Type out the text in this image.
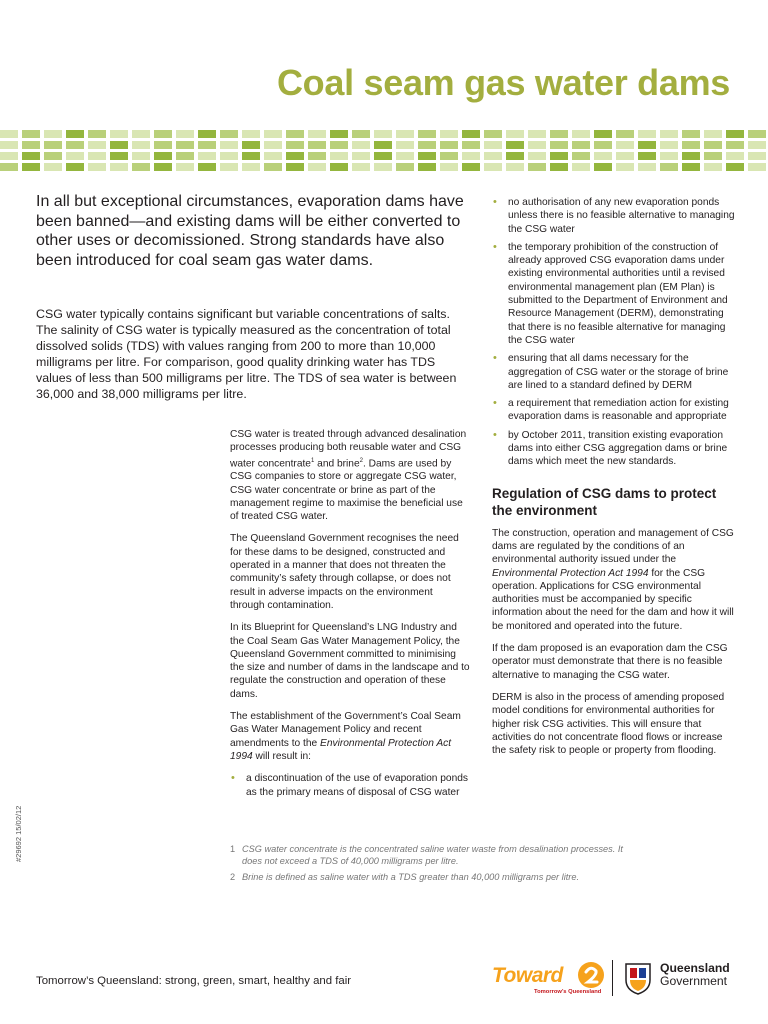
Coal seam gas water dams

In all but exceptional circumstances, evaporation dams have been banned—and existing dams will be either converted to other uses or decomissioned. Strong standards have also been introduced for coal seam gas water dams.

CSG water typically contains significant but variable concentrations of salts. The salinity of CSG water is typically measured as the concentration of total dissolved solids (TDS) with values ranging from 200 to more than 10,000 milligrams per litre. For comparison, good quality drinking water has TDS values of less than 500 milligrams per litre. The TDS of sea water is between 36,000 and 38,000 milligrams per litre.

CSG water is treated through advanced desalination processes producing both reusable water and CSG water concentrate$^1$ and brine$^2$. Dams are used by CSG companies to store or aggregate CSG water, CSG water concentrate or brine as part of the management regime to maximise the beneficial use of treated CSG water.

The Queensland Government recognises the need for these dams to be designed, constructed and operated in a manner that does not threaten the community’s safety through collapse, or does not result in adverse impacts on the environment through contamination.

In its Blueprint for Queensland’s LNG Industry and the Coal Seam Gas Water Management Policy, the Queensland Government committed to minimising the size and number of dams in the landscape and to regulate the construction and operation of these dams.

The establishment of the Government’s Coal Seam Gas Water Management Policy and recent amendments to the Environmental Protection Act 1994 will result in:

• a discontinuation of the use of evaporation ponds as the primary means of disposal of CSG water
• no authorisation of any new evaporation ponds unless there is no feasible alternative to managing the CSG water
• the temporary prohibition of the construction of already approved CSG evaporation dams under existing environmental authorities until a revised environmental management plan (EM Plan) is submitted to the Department of Environment and Resource Management (DERM), demonstrating that there is no feasible alternative for managing the CSG water
• ensuring that all dams necessary for the aggregation of CSG water or the storage of brine are lined to a standard defined by DERM
• a requirement that remediation action for existing evaporation dams is reasonable and appropriate
• by October 2011, transition existing evaporation dams into either CSG aggregation dams or brine dams which meet the new standards.
Regulation of CSG dams to protect the environment

The construction, operation and management of CSG dams are regulated by the conditions of an environmental authority issued under the Environmental Protection Act 1994 for the CSG operation. Applications for CSG environmental authorities must be accompanied by specific information about the need for the dam and how it will be monitored and operated into the future.

If the dam proposed is an evaporation dam the CSG operator must demonstrate that there is no feasible alternative to managing the CSG water.

DERM is also in the process of amending proposed model conditions for environmental authorities for higher risk CSG activities. This will ensure that activities do not concentrate flood flows or increase the safety risk to people or property from flooding.

1 CSG water concentrate is the concentrated saline water waste from desalination processes. It does not exceed a TDS of 40,000 milligrams per litre.
2 Brine is defined as saline water with a TDS greater than 40,000 milligrams per litre.
#29692 15/02/12

Tomorrow’s Queensland: strong, green, smart, healthy and fair	Toward
Tomorrow’s Queensland
Queensland
Government
